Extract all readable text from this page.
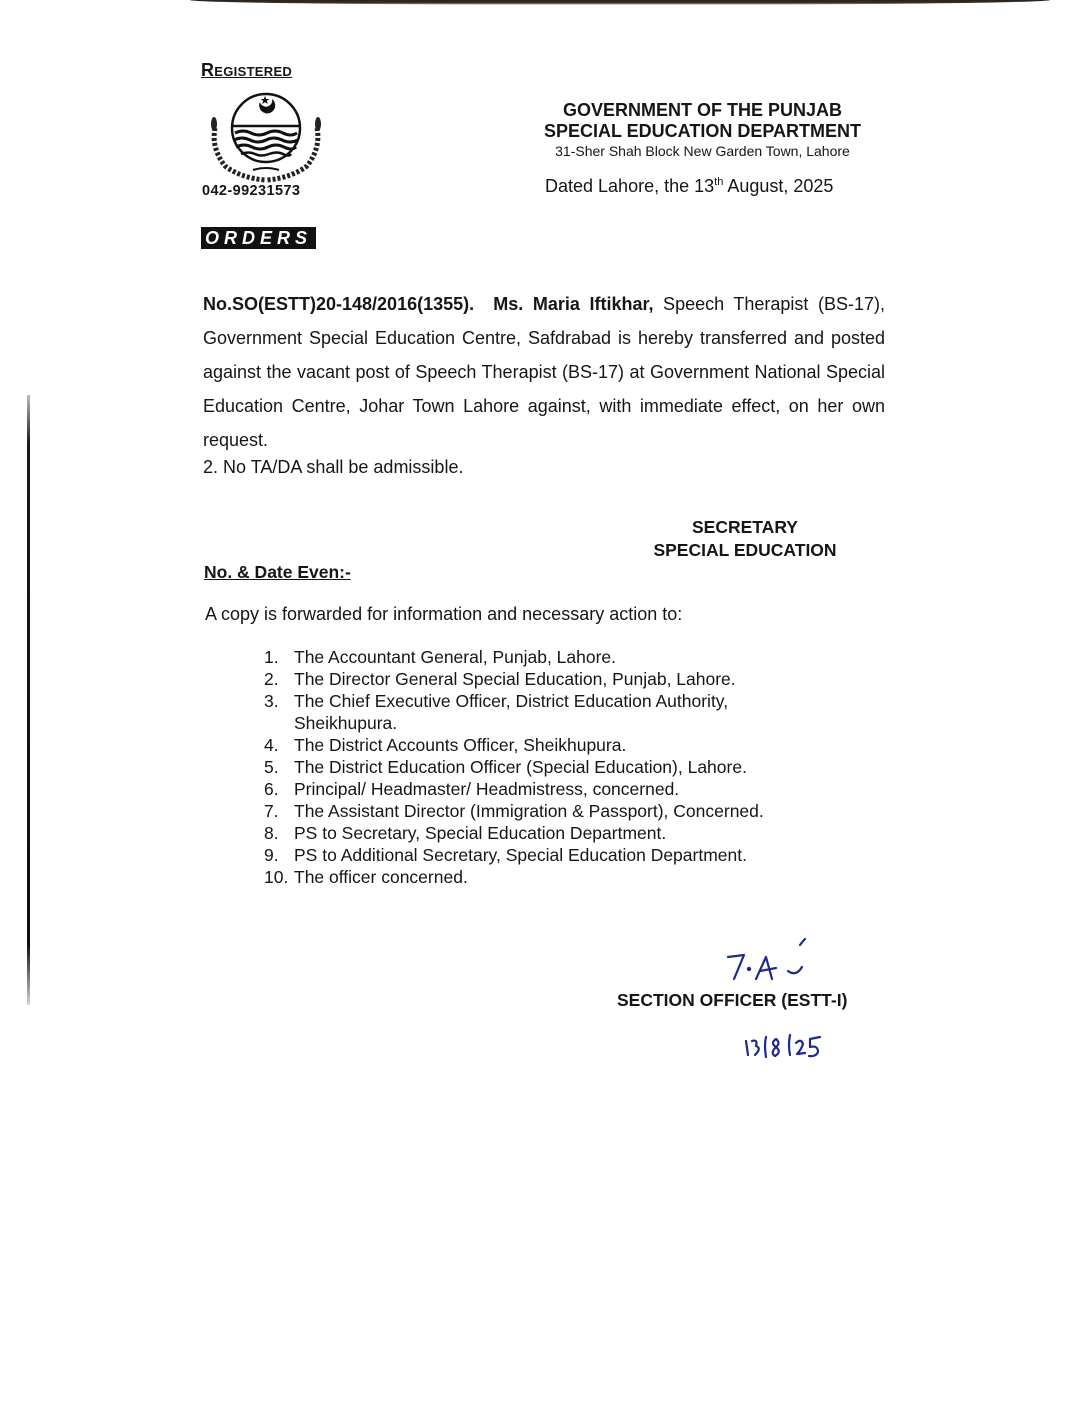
Registered
042-99231573
ORDERS
GOVERNMENT OF THE PUNJAB
SPECIAL EDUCATION DEPARTMENT
31-Sher Shah Block New Garden Town, Lahore
Dated Lahore, the 13th August, 2025
No.SO(ESTT)20-148/2016(1355). Ms. Maria Iftikhar, Speech Therapist (BS-17), Government Special Education Centre, Safdrabad is hereby transferred and posted against the vacant post of Speech Therapist (BS-17) at Government National Special Education Centre, Johar Town Lahore against, with immediate effect, on her own request.
2. No TA/DA shall be admissible.
SECRETARY
SPECIAL EDUCATION
No. & Date Even:-
A copy is forwarded for information and necessary action to:
1. The Accountant General, Punjab, Lahore.
2. The Director General Special Education, Punjab, Lahore.
3. The Chief Executive Officer, District Education Authority, Sheikhupura.
4. The District Accounts Officer, Sheikhupura.
5. The District Education Officer (Special Education), Lahore.
6. Principal/ Headmaster/ Headmistress, concerned.
7. The Assistant Director (Immigration & Passport), Concerned.
8. PS to Secretary, Special Education Department.
9. PS to Additional Secretary, Special Education Department.
10. The officer concerned.
SECTION OFFICER (ESTT-I)
